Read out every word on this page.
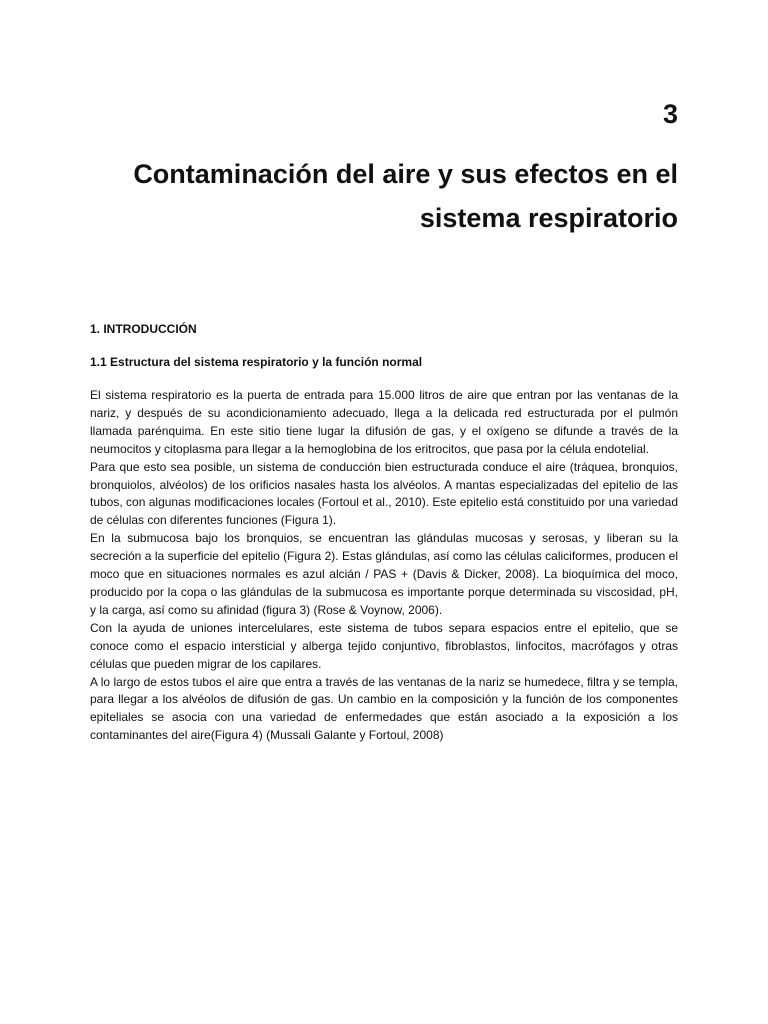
3
Contaminación del aire y sus efectos en el sistema respiratorio
1. INTRODUCCIÓN
1.1 Estructura del sistema respiratorio y la función normal

El sistema respiratorio es la puerta de entrada para 15.000 litros de aire que entran por las ventanas de la nariz, y después de su acondicionamiento adecuado, llega a la delicada red estructurada por el pulmón llamada parénquima. En este sitio tiene lugar la difusión de gas, y el oxígeno se difunde a través de la neumocitos y citoplasma para llegar a la hemoglobina de los eritrocitos, que pasa por la célula endotelial.

Para que esto sea posible, un sistema de conducción bien estructurada conduce el aire (tráquea, bronquios, bronquiolos, alvéolos) de los orificios nasales hasta los alvéolos. A mantas especializadas del epitelio de las tubos, con algunas modificaciones locales (Fortoul et al., 2010). Este epitelio está constituido por una variedad de células con diferentes funciones (Figura 1).

En la submucosa bajo los bronquios, se encuentran las glándulas mucosas y serosas, y liberan su la secreción a la superficie del epitelio (Figura 2). Estas glándulas, así como las células caliciformes, producen el moco que en situaciones normales es azul alcián / PAS + (Davis & Dicker, 2008). La bioquímica del moco, producido por la copa o las glándulas de la submucosa es importante porque determinada su viscosidad, pH, y la carga, así como su afinidad (figura 3) (Rose & Voynow, 2006).

Con la ayuda de uniones intercelulares, este sistema de tubos separa espacios entre el epitelio, que se conoce como el espacio intersticial y alberga tejido conjuntivo, fibroblastos, linfocitos, macrófagos y otras células que pueden migrar de los capilares.

A lo largo de estos tubos el aire que entra a través de las ventanas de la nariz se humedece, filtra y se templa, para llegar a los alvéolos de difusión de gas. Un cambio en la composición y la función de los componentes epiteliales se asocia con una variedad de enfermedades que están asociado a la exposición a los contaminantes del aire(Figura 4) (Mussali Galante y Fortoul, 2008)
